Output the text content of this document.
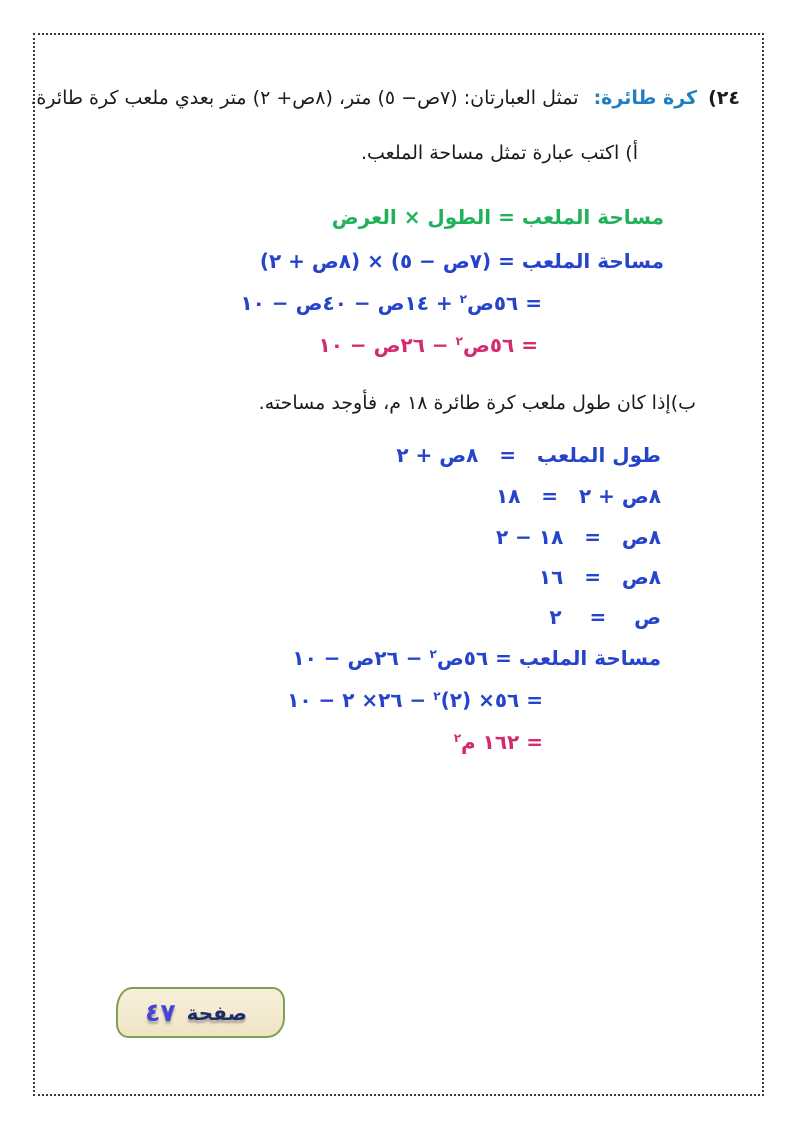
٢٤) كرة طائرة: تمثل العبارتان: (٧ص− ٥) متر، (٨ص+ ٢) متر بعدي ملعب كرة طائرة.
أ) اكتب عبارة تمثل مساحة الملعب.
مساحة الملعب = الطول × العرض
مساحة الملعب = (٧ص − ٥) × (٨ص + ٢)
= ٥٦ص$^٢$ + ١٤ص − ٤٠ص − ١٠
= ٥٦ص$^٢$ − ٢٦ص − ١٠
ب)إذا كان طول ملعب كرة طائرة ١٨ م، فأوجد مساحته.
طول الملعب   =   ٨ص + ٢
٨ص + ٢   =   ١٨
٨ص   =   ١٨ − ٢
٨ص   =   ١٦
ص    =    ٢
مساحة الملعب = ٥٦ص$^٢$ − ٢٦ص − ١٠
= ٥٦× (٢)$^٢$ − ٢٦× ٢ − ١٠
= ١٦٢ م$^٢$
صفحة
٤٧
